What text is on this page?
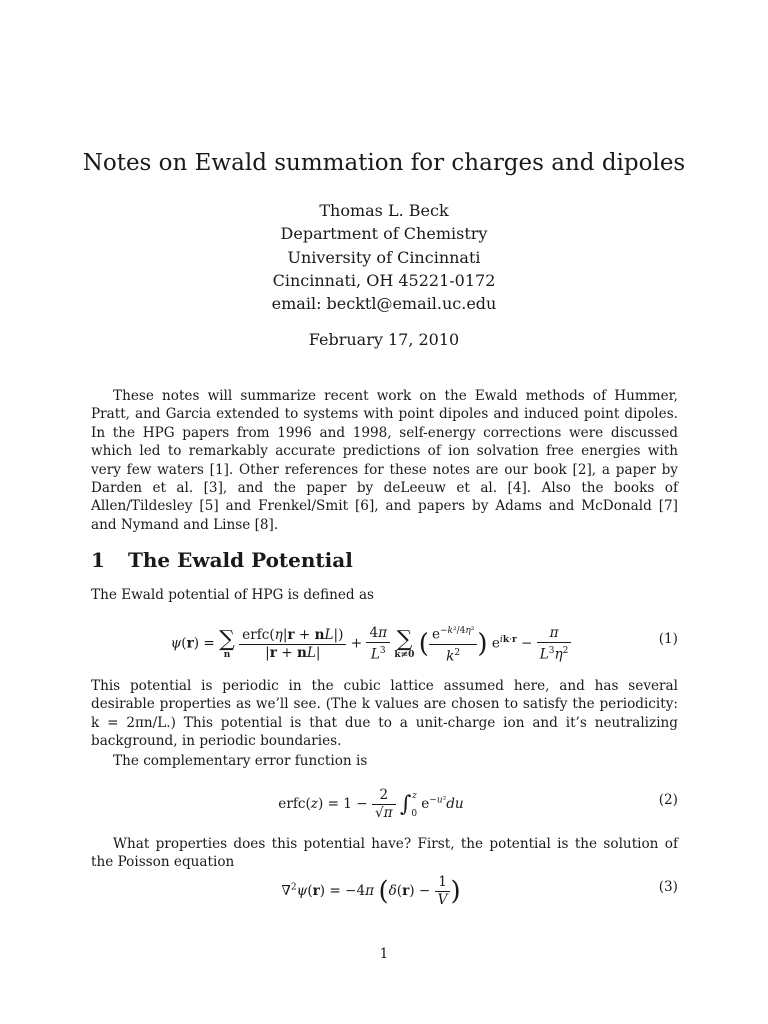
Notes on Ewald summation for charges and dipoles
Thomas L. Beck
Department of Chemistry
University of Cincinnati
Cincinnati, OH 45221-0172
email: becktl@email.uc.edu
February 17, 2010

These notes will summarize recent work on the Ewald methods of Hummer, Pratt, and Garcia extended to systems with point dipoles and induced point dipoles. In the HPG papers from 1996 and 1998, self-energy corrections were discussed which led to remarkably accurate predictions of ion solvation free energies with very few waters [1]. Other references for these notes are our book [2], a paper by Darden et al. [3], and the paper by deLeeuw et al. [4]. Also the books of Allen/Tildesley [5] and Frenkel/Smit [6], and papers by Adams and McDonald [7] and Nymand and Linse [8].

1 The Ewald Potential

The Ewald potential of HPG is defined as

ψ(r) = ∑
n
$\frac{\text{erfc(η|r + nL|)}}{|r + nL|} + \frac{4\pi}{L^3}$
∑
k≠0 ( $\frac{e^{-k^2/4\eta^2}}{k^2}$ ) $e^{ik\cdot r} - \frac{\pi}{L^3\eta^2}$	(1)

This potential is periodic in the cubic lattice assumed here, and has several desirable properties as we’ll see. (The k values are chosen to satisfy the periodicity: k = 2πn/L.) This potential is that due to a unit-charge ion and it’s neutralizing background, in periodic boundaries.

The complementary error function is

erfc(z) = $1 - \frac{2}{√\pi} \int_0^z$ $e^{-u^2}du$	(2)

What properties does this potential have? First, the potential is the solution of the Poisson equation

∇$^2$ψ(r) = −4π ($\delta(r) - \frac{1}{V}$ )	(3)
1
